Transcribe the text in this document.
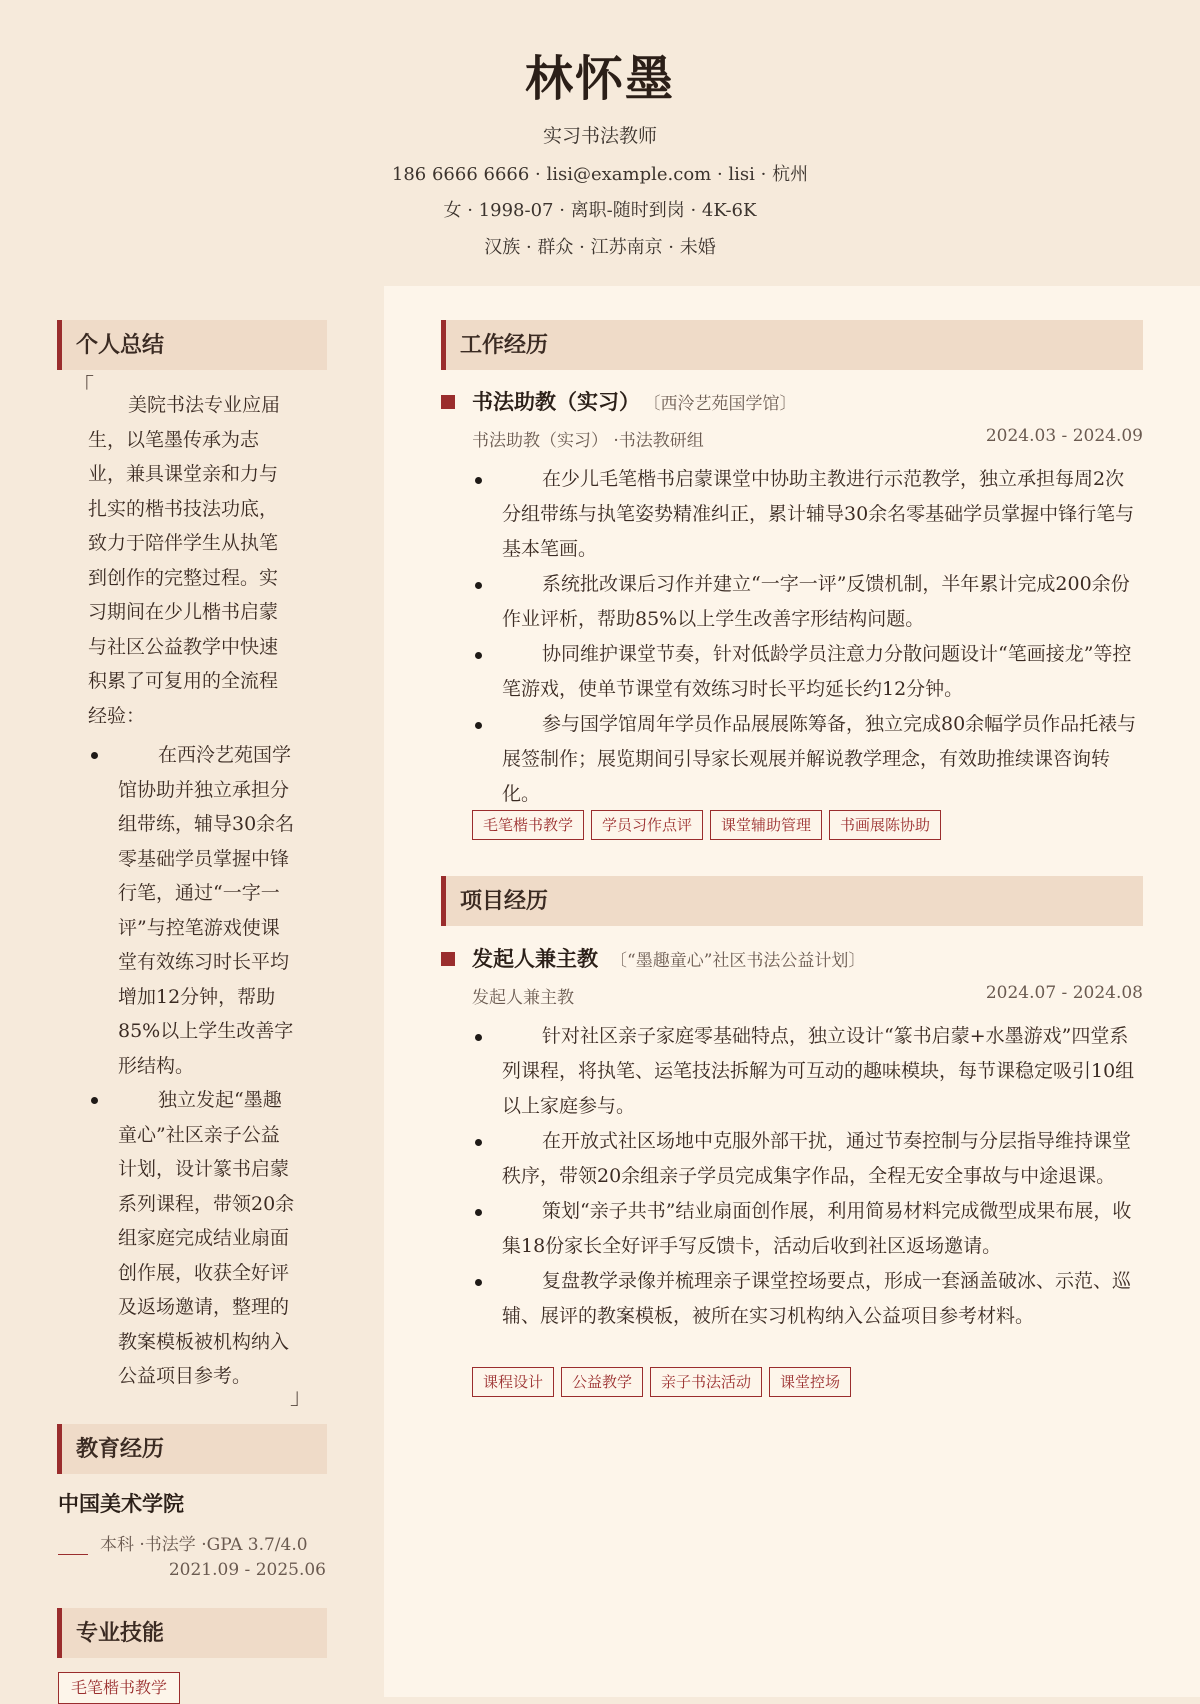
林怀墨
实习书法教师
186 6666 6666 · lisi@example.com · lisi · 杭州
女 · 1998-07 · 离职-随时到岗 · 4K-6K
汉族 · 群众 · 江苏南京 · 未婚
个人总结
「
美院书法专业应届生，以笔墨传承为志业，兼具课堂亲和力与扎实的楷书技法功底，致力于陪伴学生从执笔到创作的完整过程。实习期间在少儿楷书启蒙与社区公益教学中快速积累了可复用的全流程经验：
在西泠艺苑国学馆协助并独立承担分组带练，辅导30余名零基础学员掌握中锋行笔，通过“一字一评”与控笔游戏使课堂有效练习时长平均增加12分钟，帮助85%以上学生改善字形结构。
独立发起“墨趣童心”社区亲子公益计划，设计篆书启蒙系列课程，带领20余组家庭完成结业扇面创作展，收获全好评及返场邀请，整理的教案模板被机构纳入公益项目参考。
」
教育经历
中国美术学院
本科 ·书法学 ·GPA 3.7/4.0
2021.09 - 2025.06
专业技能
毛笔楷书教学
工作经历
书法助教（实习） 〔西泠艺苑国学馆〕
书法助教（实习） ·书法教研组	2024.03 - 2024.09
在少儿毛笔楷书启蒙课堂中协助主教进行示范教学，独立承担每周2次分组带练与执笔姿势精准纠正，累计辅导30余名零基础学员掌握中锋行笔与基本笔画。
系统批改课后习作并建立“一字一评”反馈机制，半年累计完成200余份作业评析，帮助85%以上学生改善字形结构问题。
协同维护课堂节奏，针对低龄学员注意力分散问题设计“笔画接龙”等控笔游戏，使单节课堂有效练习时长平均延长约12分钟。
参与国学馆周年学员作品展展陈筹备，独立完成80余幅学员作品托裱与展签制作；展览期间引导家长观展并解说教学理念，有效助推续课咨询转化。
毛笔楷书教学	学员习作点评	课堂辅助管理	书画展陈协助
项目经历
发起人兼主教 〔“墨趣童心”社区书法公益计划〕
发起人兼主教	2024.07 - 2024.08
针对社区亲子家庭零基础特点，独立设计“篆书启蒙+水墨游戏”四堂系列课程，将执笔、运笔技法拆解为可互动的趣味模块，每节课稳定吸引10组以上家庭参与。
在开放式社区场地中克服外部干扰，通过节奏控制与分层指导维持课堂秩序，带领20余组亲子学员完成集字作品，全程无安全事故与中途退课。
策划“亲子共书”结业扇面创作展，利用简易材料完成微型成果布展，收集18份家长全好评手写反馈卡，活动后收到社区返场邀请。
复盘教学录像并梳理亲子课堂控场要点，形成一套涵盖破冰、示范、巡辅、展评的教案模板，被所在实习机构纳入公益项目参考材料。
课程设计	公益教学	亲子书法活动	课堂控场
